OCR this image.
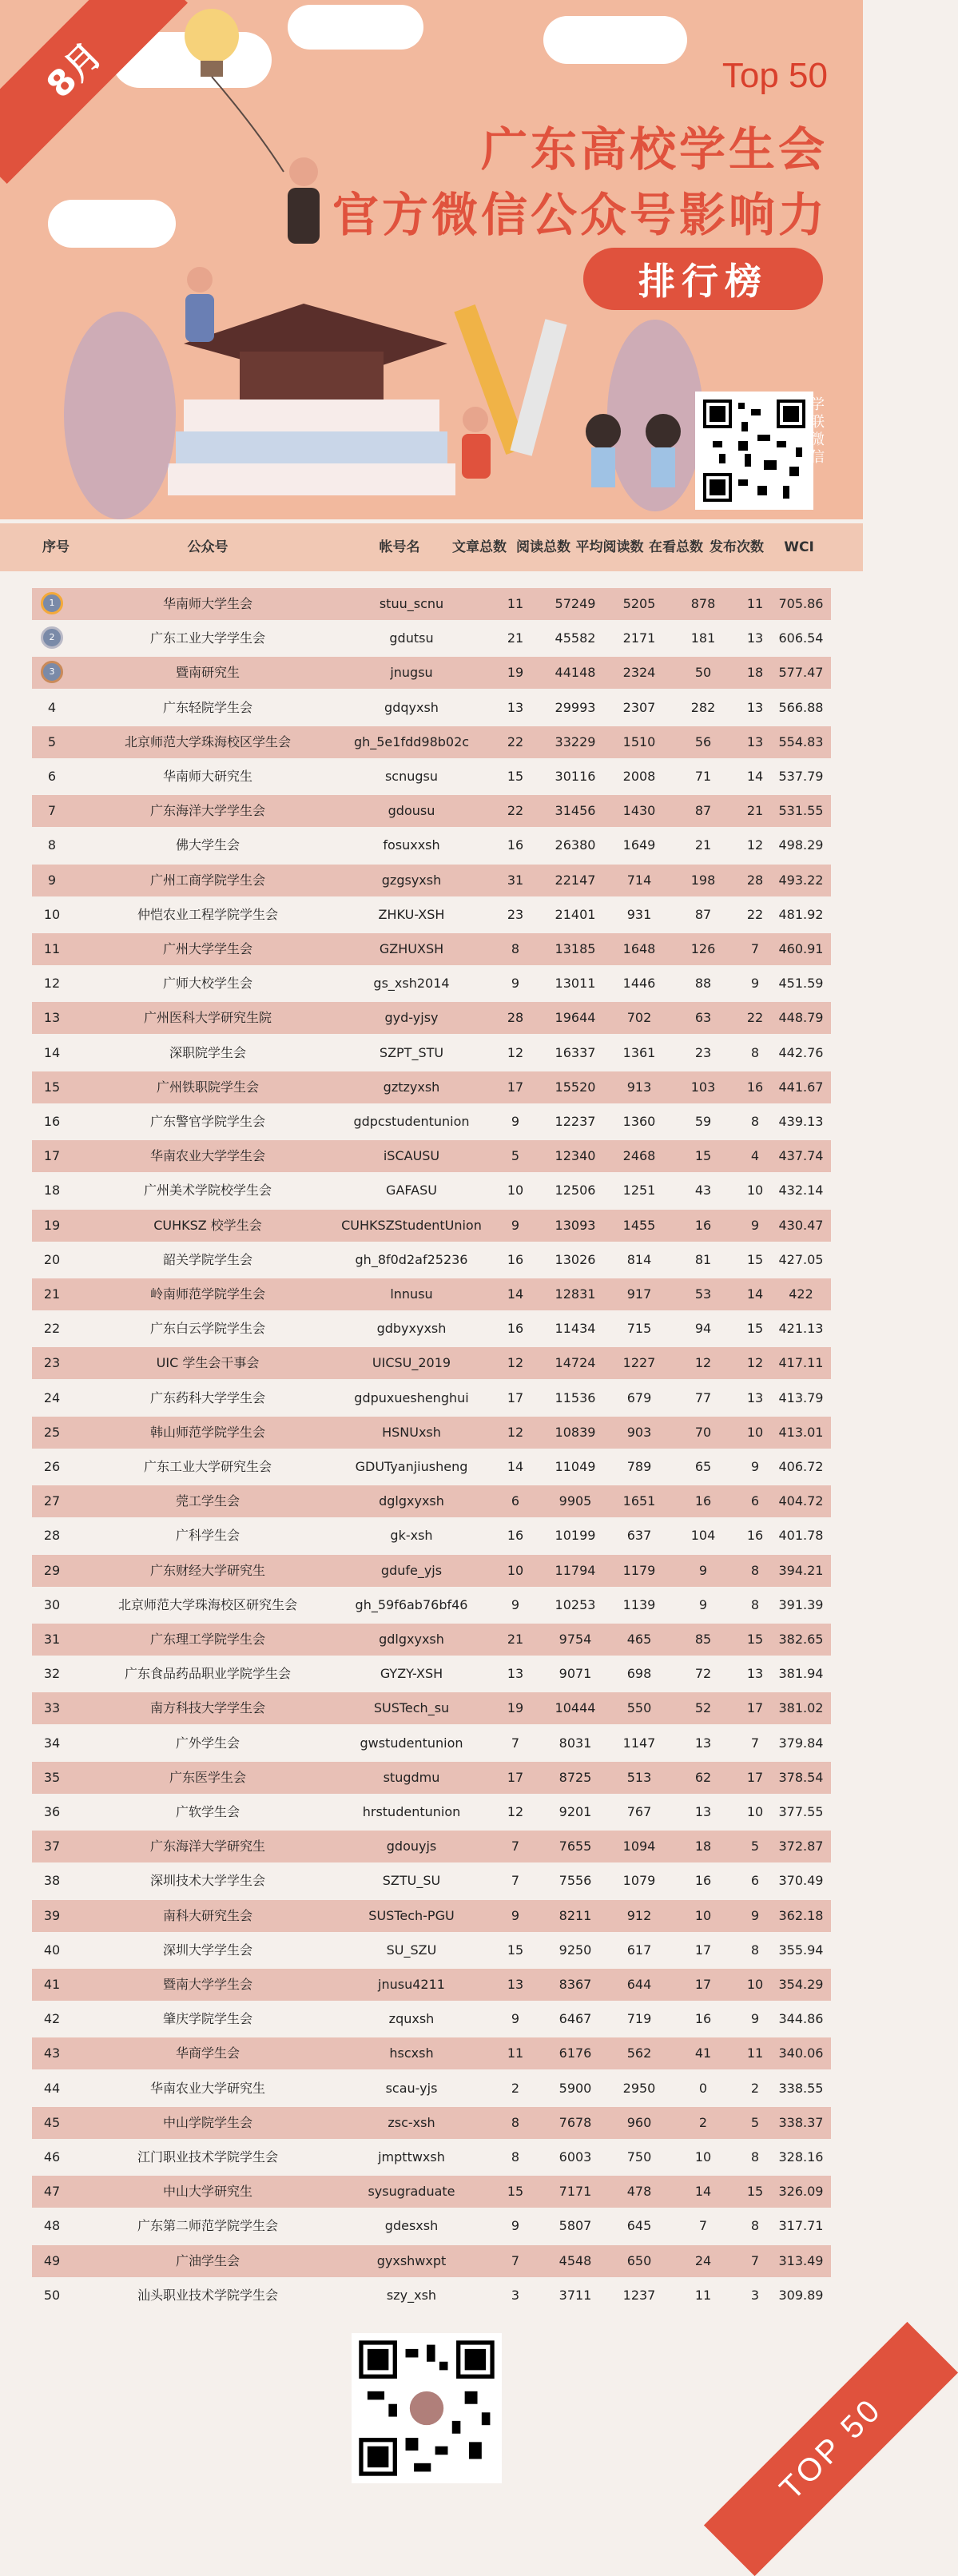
8月	Top 50
广东高校学生会
官方微信公众号影响力
排行榜
学联微信
序号	公众号	帐号名	文章总数 阅读总数 平均阅读数 在看总数 发布次数	WCI
1	华南师大学生会	stuu_scnu	11	57249	5205	878	11	705.86
2	广东工业大学学生会	gdutsu	21	45582	2171	181	13	606.54
3	暨南研究生	jnugsu	19	44148	2324	50	18	577.47
4	广东轻院学生会	gdqyxsh	13	29993	2307	282	13	566.88
5	北京师范大学珠海校区学生会	gh_5e1fdd98b02c	22	33229	1510	56	13	554.83
6	华南师大研究生	scnugsu	15	30116	2008	71	14	537.79
7	广东海洋大学学生会	gdousu	22	31456	1430	87	21	531.55
8	佛大学生会	fosuxxsh	16	26380	1649	21	12	498.29
9	广州工商学院学生会	gzgsyxsh	31	22147	714	198	28	493.22
10	仲恺农业工程学院学生会	ZHKU-XSH	23	21401	931	87	22	481.92
11	广州大学学生会	GZHUXSH	8	13185	1648	126	7	460.91
12	广师大校学生会	gs_xsh2014	9	13011	1446	88	9	451.59
13	广州医科大学研究生院	gyd-yjsy	28	19644	702	63	22	448.79
14	深职院学生会	SZPT_STU	12	16337	1361	23	8	442.76
15	广州铁职院学生会	gztzyxsh	17	15520	913	103	16	441.67
16	广东警官学院学生会	gdpcstudentunion	9	12237	1360	59	8	439.13
17	华南农业大学学生会	iSCAUSU	5	12340	2468	15	4	437.74
18	广州美术学院校学生会	GAFASU	10	12506	1251	43	10	432.14
19	CUHKSZ 校学生会	CUHKSZStudentUnion	9	13093	1455	16	9	430.47
20	韶关学院学生会	gh_8f0d2af25236	16	13026	814	81	15	427.05
21	岭南师范学院学生会	lnnusu	14	12831	917	53	14	422
22	广东白云学院学生会	gdbyxyxsh	16	11434	715	94	15	421.13
23	UIC 学生会干事会	UICSU_2019	12	14724	1227	12	12	417.11
24	广东药科大学学生会	gdpuxueshenghui	17	11536	679	77	13	413.79
25	韩山师范学院学生会	HSNUxsh	12	10839	903	70	10	413.01
26	广东工业大学研究生会	GDUTyanjiusheng	14	11049	789	65	9	406.72
27	莞工学生会	dglgxyxsh	6	9905	1651	16	6	404.72
28	广科学生会	gk-xsh	16	10199	637	104	16	401.78
29	广东财经大学研究生	gdufe_yjs	10	11794	1179	9	8	394.21
30	北京师范大学珠海校区研究生会	gh_59f6ab76bf46	9	10253	1139	9	8	391.39
31	广东理工学院学生会	gdlgxyxsh	21	9754	465	85	15	382.65
32	广东食品药品职业学院学生会	GYZY-XSH	13	9071	698	72	13	381.94
33	南方科技大学学生会	SUSTech_su	19	10444	550	52	17	381.02
34	广外学生会	gwstudentunion	7	8031	1147	13	7	379.84
35	广东医学生会	stugdmu	17	8725	513	62	17	378.54
36	广软学生会	hrstudentunion	12	9201	767	13	10	377.55
37	广东海洋大学研究生	gdouyjs	7	7655	1094	18	5	372.87
38	深圳技术大学学生会	SZTU_SU	7	7556	1079	16	6	370.49
39	南科大研究生会	SUSTech-PGU	9	8211	912	10	9	362.18
40	深圳大学学生会	SU_SZU	15	9250	617	17	8	355.94
41	暨南大学学生会	jnusu4211	13	8367	644	17	10	354.29
42	肇庆学院学生会	zquxsh	9	6467	719	16	9	344.86
43	华商学生会	hscxsh	11	6176	562	41	11	340.06
44	华南农业大学研究生	scau-yjs	2	5900	2950	0	2	338.55
45	中山学院学生会	zsc-xsh	8	7678	960	2	5	338.37
46	江门职业技术学院学生会	jmpttwxsh	8	6003	750	10	8	328.16
47	中山大学研究生	sysugraduate	15	7171	478	14	15	326.09
48	广东第二师范学院学生会	gdesxsh	9	5807	645	7	8	317.71
49	广油学生会	gyxshwxpt	7	4548	650	24	7	313.49
50	汕头职业技术学院学生会	szy_xsh	3	3711	1237	11	3	309.89
TOP 50
